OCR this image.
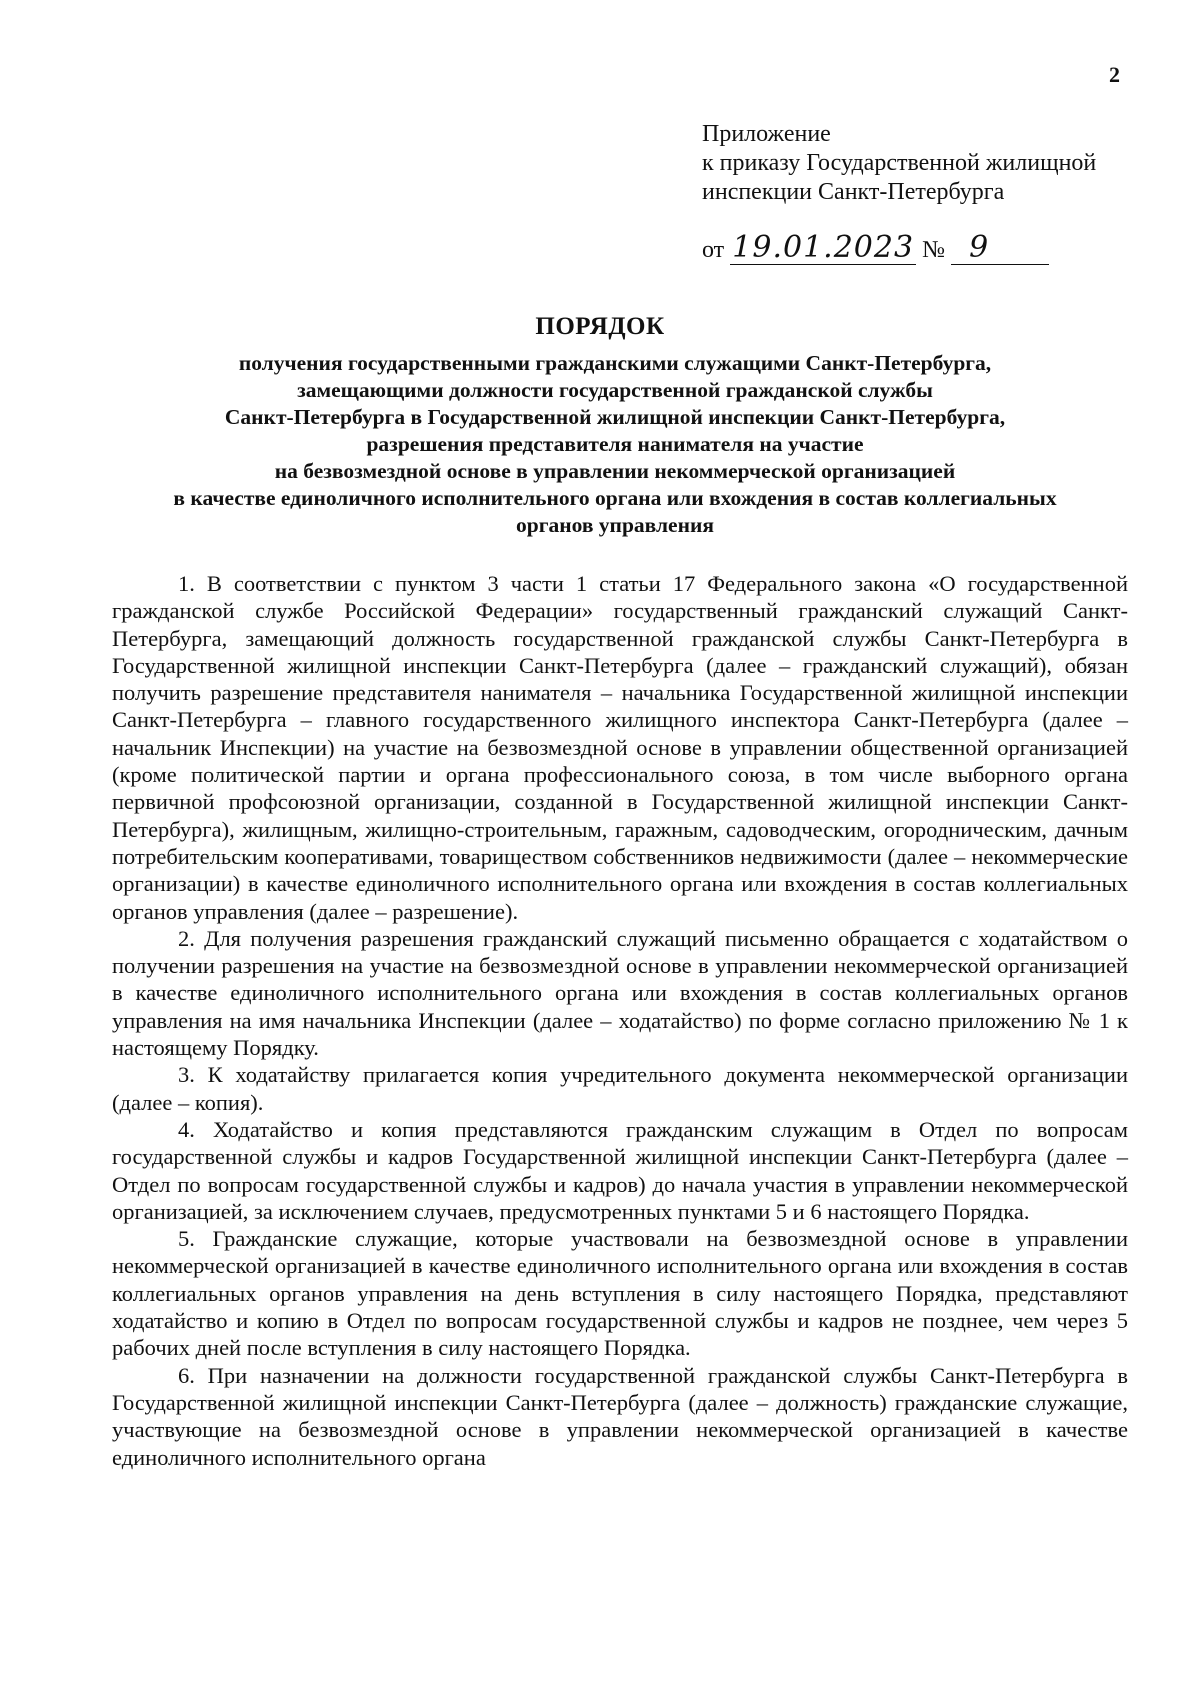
2
Приложение
к приказу Государственной жилищной
инспекции Санкт-Петербурга
от 19.01.2023 № 9
ПОРЯДОК
получения государственными гражданскими служащими Санкт-Петербурга,
замещающими должности государственной гражданской службы
Санкт-Петербурга в Государственной жилищной инспекции Санкт-Петербурга,
разрешения представителя нанимателя на участие
на безвозмездной основе в управлении некоммерческой организацией
в качестве единоличного исполнительного органа или вхождения в состав коллегиальных
органов управления

1. В соответствии с пунктом 3 части 1 статьи 17 Федерального закона «О государственной гражданской службе Российской Федерации» государственный гражданский служащий Санкт-Петербурга, замещающий должность государственной гражданской службы Санкт-Петербурга в Государственной жилищной инспекции Санкт-Петербурга (далее – гражданский служащий), обязан получить разрешение представителя нанимателя – начальника Государственной жилищной инспекции Санкт-Петербурга – главного государственного жилищного инспектора Санкт-Петербурга (далее – начальник Инспекции) на участие на безвозмездной основе в управлении общественной организацией (кроме политической партии и органа профессионального союза, в том числе выборного органа первичной профсоюзной организации, созданной в Государственной жилищной инспекции Санкт-Петербурга), жилищным, жилищно-строительным, гаражным, садоводческим, огородническим, дачным потребительским кооперативами, товариществом собственников недвижимости (далее – некоммерческие организации) в качестве единоличного исполнительного органа или вхождения в состав коллегиальных органов управления (далее – разрешение).

2. Для получения разрешения гражданский служащий письменно обращается с ходатайством о получении разрешения на участие на безвозмездной основе в управлении некоммерческой организацией в качестве единоличного исполнительного органа или вхождения в состав коллегиальных органов управления на имя начальника Инспекции (далее – ходатайство) по форме согласно приложению № 1 к настоящему Порядку.

3. К ходатайству прилагается копия учредительного документа некоммерческой организации (далее – копия).

4. Ходатайство и копия представляются гражданским служащим в Отдел по вопросам государственной службы и кадров Государственной жилищной инспекции Санкт-Петербурга (далее – Отдел по вопросам государственной службы и кадров) до начала участия в управлении некоммерческой организацией, за исключением случаев, предусмотренных пунктами 5 и 6 настоящего Порядка.

5. Гражданские служащие, которые участвовали на безвозмездной основе в управлении некоммерческой организацией в качестве единоличного исполнительного органа или вхождения в состав коллегиальных органов управления на день вступления в силу настоящего Порядка, представляют ходатайство и копию в Отдел по вопросам государственной службы и кадров не позднее, чем через 5 рабочих дней после вступления в силу настоящего Порядка.

6. При назначении на должности государственной гражданской службы Санкт-Петербурга в Государственной жилищной инспекции Санкт-Петербурга (далее – должность) гражданские служащие, участвующие на безвозмездной основе в управлении некоммерческой организацией в качестве единоличного исполнительного органа
